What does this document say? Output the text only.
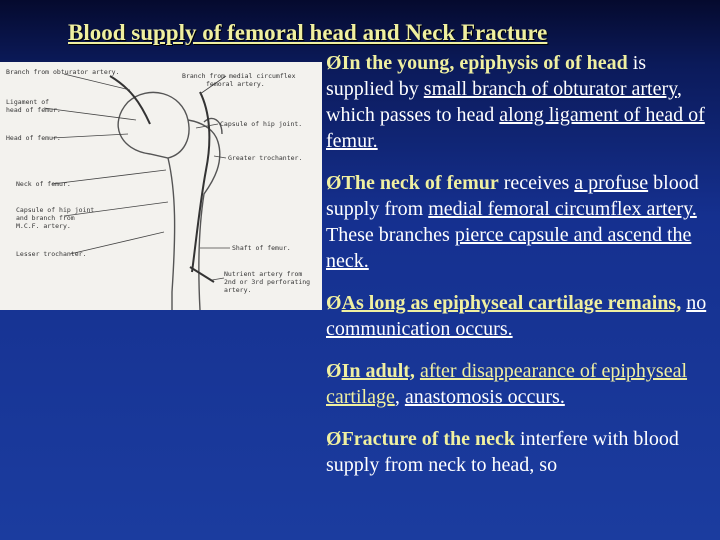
Blood supply of femoral head and Neck Fracture
Branch from obturator artery.	Branch from medial circumflex
femoral artery.
Ligament of
head of femur.
Capsule of hip joint.
Head of femur.
Greater trochanter.
Neck of femur.
Capsule of hip joint
and branch from
M.C.F. artery.
Lesser trochanter.
Shaft of femur.
Nutrient artery from
2nd or 3rd perforating
artery.

ØIn the young, epiphysis of of head is supplied by small branch of obturator artery, which passes to head along ligament of head of femur.

ØThe neck of femur receives a profuse blood supply from medial femoral circumflex artery. These branches pierce capsule and ascend the neck.

ØAs long as epiphyseal cartilage remains, no communication occurs.

ØIn adult, after disappearance of epiphyseal cartilage, anastomosis occurs.

ØFracture of the neck interfere with blood supply from neck to head, so
